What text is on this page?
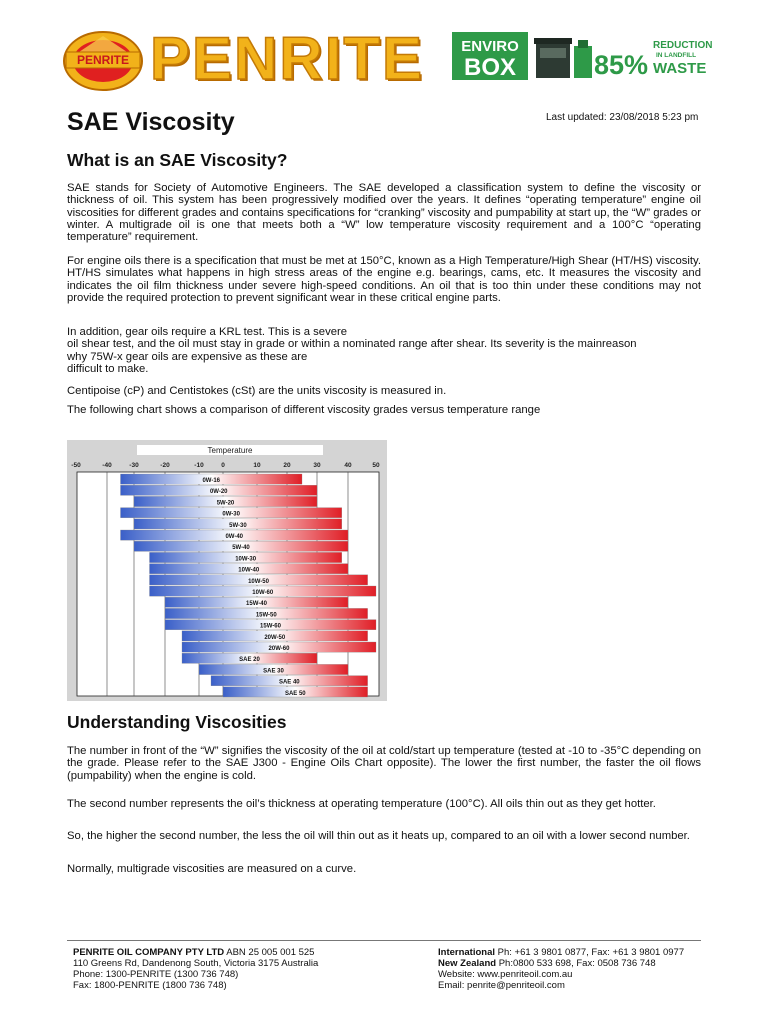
PENRITE PENRITE ENVIRO
BOX	85%
REDUCTION
IN LANDFILL
WASTE
SAE Viscosity	Last updated: 23/08/2018 5:23 pm
What is an SAE Viscosity?

SAE stands for Society of Automotive Engineers. The SAE developed a classification system to define the viscosity or thickness of oil. This system has been progressively modified over the years. It defines “operating temperature” engine oil viscosities for different grades and contains specifications for “cranking” viscosity and pumpability at start up, the “W” grades or winter. A multigrade oil is one that meets both a “W” low temperature viscosity requirement and a 100°C “operating temperature” requirement.

For engine oils there is a specification that must be met at 150°C, known as a High Temperature/High Shear (HT/HS) viscosity. HT/HS simulates what happens in high stress areas of the engine e.g. bearings, cams, etc. It measures the viscosity and indicates the oil film thickness under severe high-speed conditions. An oil that is too thin under these conditions may not provide the required protection to prevent significant wear in these critical engine parts.

In addition, gear oils require a KRL test. This is a severe
oil shear test, and the oil must stay in grade or within a nominated range after shear. Its severity is the mainreason
why 75W-x gear oils are expensive as these are
difficult to make.

Centipoise (cP) and Centistokes (cSt) are the units viscosity is measured in.

The following chart shows a comparison of different viscosity grades versus temperature range

Temperature
-50	-40	-30	-20	-10	0	10	20	30	40	50
0W-16
0W-20
5W-20
0W-30
5W-30
0W-40
5W-40
10W-30
10W-40
10W-50
10W-60
15W-40
15W-50
15W-60
20W-50
20W-60
SAE 20
SAE 30
SAE 40
SAE 50
Understanding Viscosities

The number in front of the “W” signifies the viscosity of the oil at cold/start up temperature (tested at -10 to -35°C depending on the grade. Please refer to the SAE J300 - Engine Oils Chart opposite). The lower the first number, the faster the oil flows (pumpability) when the engine is cold.

The second number represents the oil’s thickness at operating temperature (100°C). All oils thin out as they get hotter.

So, the higher the second number, the less the oil will thin out as it heats up, compared to an oil with a lower second number.

Normally, multigrade viscosities are measured on a curve.

PENRITE OIL COMPANY PTY LTD ABN 25 005 001 525
110 Greens Rd, Dandenong South, Victoria 3175 Australia
Phone: 1300-PENRITE (1300 736 748)
Fax: 1800-PENRITE (1800 736 748)
International Ph: +61 3 9801 0877, Fax: +61 3 9801 0977
New Zealand Ph:0800 533 698, Fax: 0508 736 748
Website: www.penriteoil.com.au
Email: penrite@penriteoil.com
